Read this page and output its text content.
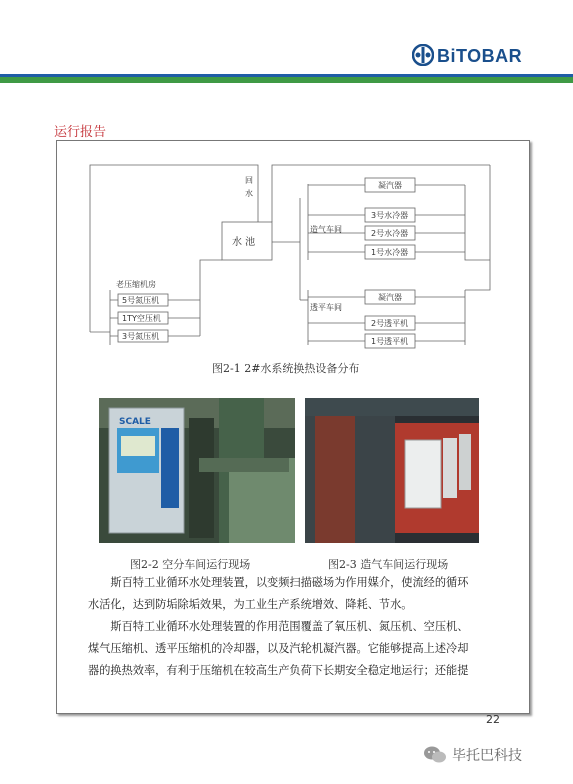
BiTOBAR
运行报告
回
水
水 池
造气车间
凝汽器
3号水冷器
2号水冷器
1号水冷器
透平车间
凝汽器
2号透平机
1号透平机
老压缩机房
5号氮压机
1TY空压机
3号氮压机
图2-1 2#水系统换热设备分布
SCALE
图2-2 空分车间运行现场	图2-3 造气车间运行现场

斯百特工业循环水处理装置，以变频扫描磁场为作用媒介，使流经的循环

水活化，达到防垢除垢效果，为工业生产系统增效、降耗、节水。

斯百特工业循环水处理装置的作用范围覆盖了氧压机、氮压机、空压机、

煤气压缩机、透平压缩机的冷却器，以及汽轮机凝汽器。它能够提高上述冷却

器的换热效率，有利于压缩机在较高生产负荷下长期安全稳定地运行；还能提

22
毕托巴科技
